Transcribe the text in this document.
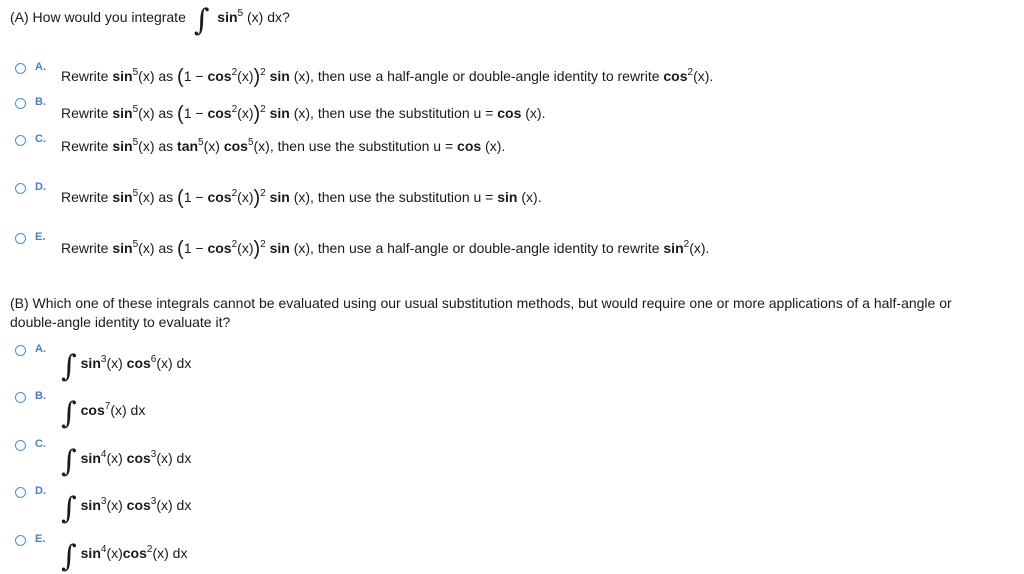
(A) How would you integrate ∫ $\sin^5 (x)$ dx?
A.
Rewrite $\sin^5(x)$ as $(1 - \cos^2(x))^2$ sin (x), then use a half-angle or double-angle identity to rewrite $\cos^2(x)$.
B.
Rewrite $\sin^5(x)$ as $(1 - \cos^2(x))^2$ sin (x), then use the substitution u = cos (x).
C. Rewrite $\sin^5(x)$ as $\tan^5(x)$ $\cos^5(x)$, then use the substitution u = cos (x).
D.
Rewrite $\sin^5(x)$ as $(1 - \cos^2(x))^2$ sin (x), then use the substitution u = sin (x).
E.
Rewrite $\sin^5(x)$ as $(1 - \cos^2(x))^2$ sin (x), then use a half-angle or double-angle identity to rewrite $\sin^2(x)$.
(B) Which one of these integrals cannot be evaluated using our usual substitution methods, but would require one or more applications of a half-angle or double-angle identity to evaluate it?
A. ∫ $\sin^3(x)$ $\cos^6(x)$ dx
B. ∫ $\cos^7(x)$ dx
C. ∫ $\sin^4(x)$ $\cos^3(x)$ dx
D. ∫ $\sin^3(x)$ $\cos^3(x)$ dx
E. ∫ $\sin^4(x)\cos^2(x)$ dx
